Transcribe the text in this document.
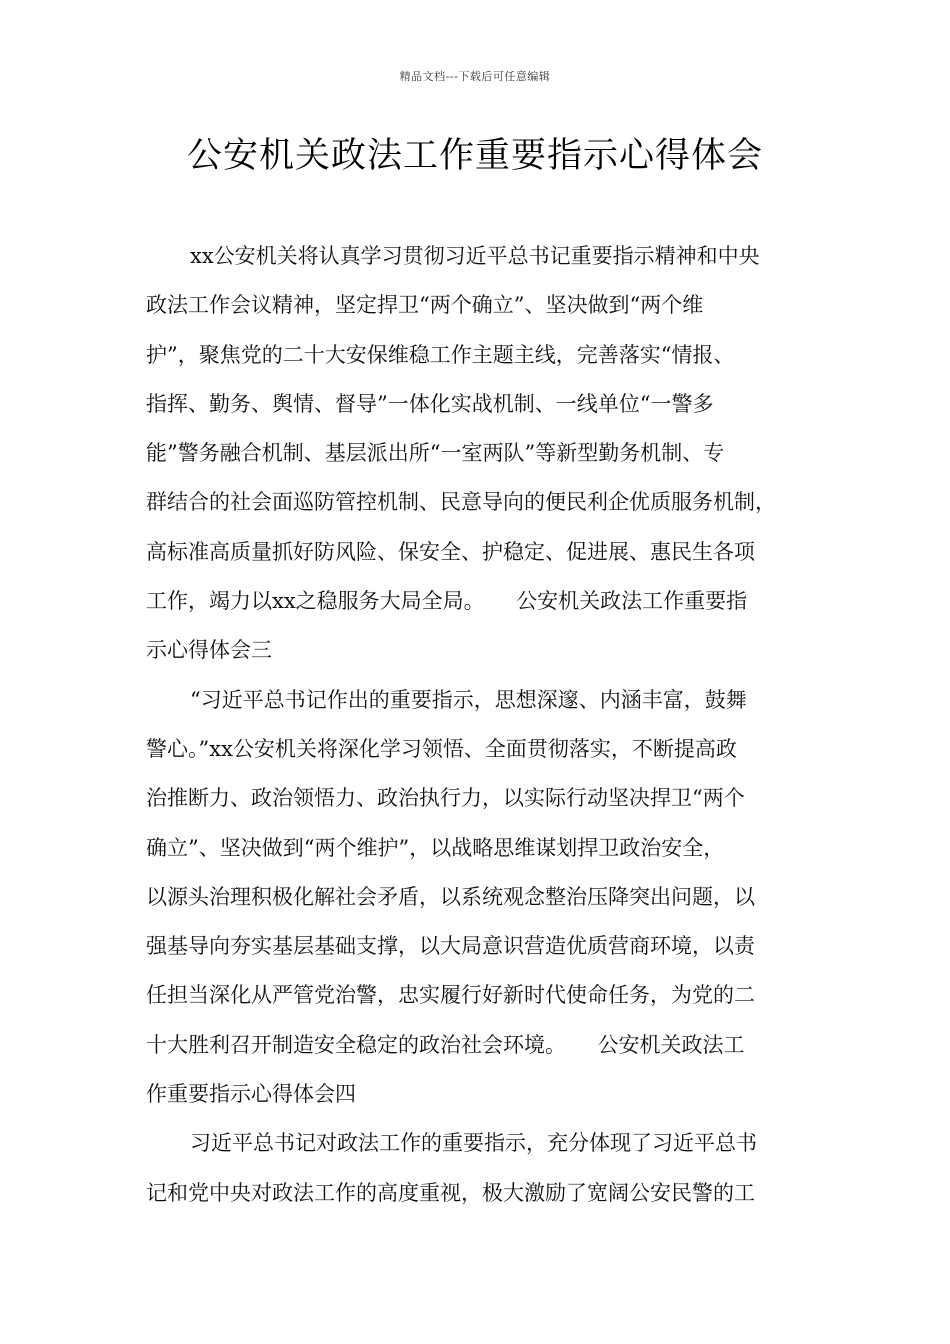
精品文档---下载后可任意编辑
公安机关政法工作重要指示心得体会
xx公安机关将认真学习贯彻习近平总书记重要指示精神和中央
政法工作会议精神，坚定捍卫“两个确立”、坚决做到“两个维
护”，聚焦党的二十大安保维稳工作主题主线，完善落实“情报、
指挥、勤务、舆情、督导”一体化实战机制、一线单位“一警多
能”警务融合机制、基层派出所“一室两队”等新型勤务机制、专
群结合的社会面巡防管控机制、民意导向的便民利企优质服务机制，
高标准高质量抓好防风险、保安全、护稳定、促进展、惠民生各项
工作，竭力以xx之稳服务大局全局。　　公安机关政法工作重要指
示心得体会三
“习近平总书记作出的重要指示，思想深邃、内涵丰富，鼓舞
警心。”xx公安机关将深化学习领悟、全面贯彻落实，不断提高政
治推断力、政治领悟力、政治执行力，以实际行动坚决捍卫“两个
确立”、坚决做到“两个维护”，以战略思维谋划捍卫政治安全，
以源头治理积极化解社会矛盾，以系统观念整治压降突出问题，以
强基导向夯实基层基础支撑，以大局意识营造优质营商环境，以责
任担当深化从严管党治警，忠实履行好新时代使命任务，为党的二
十大胜利召开制造安全稳定的政治社会环境。　　公安机关政法工
作重要指示心得体会四
习近平总书记对政法工作的重要指示，充分体现了习近平总书
记和党中央对政法工作的高度重视，极大激励了宽阔公安民警的工
